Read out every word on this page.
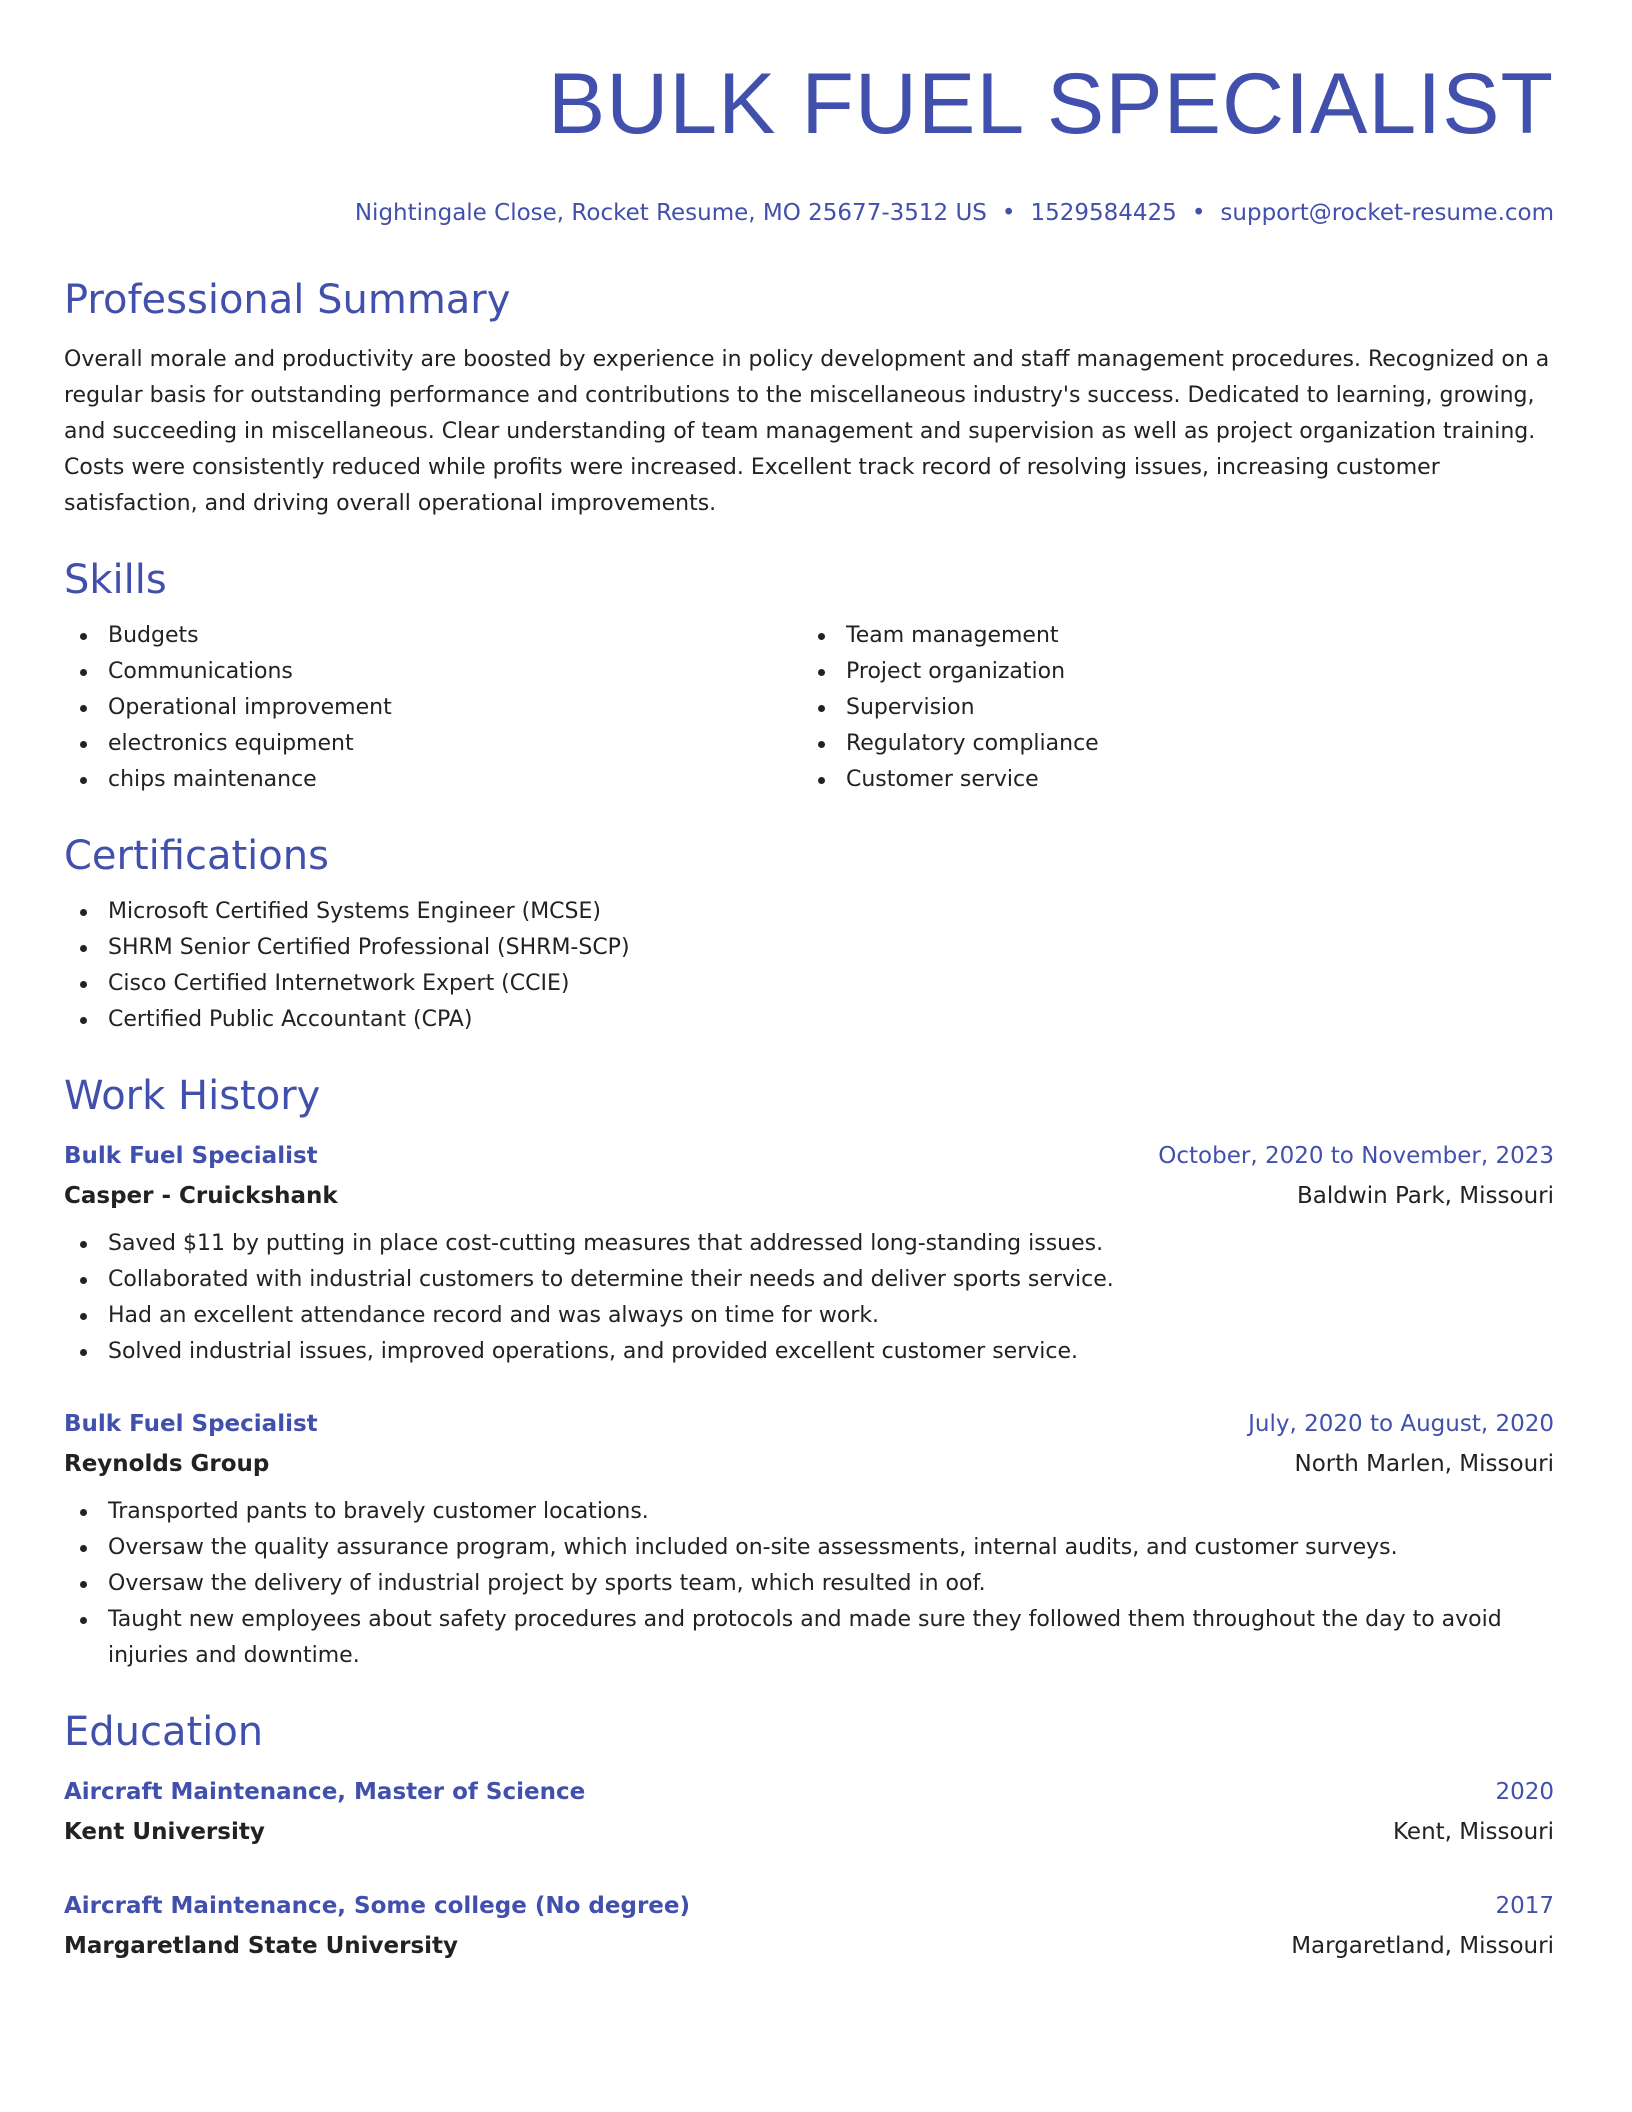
BULK FUEL SPECIALIST
Nightingale Close, Rocket Resume, MO 25677-3512 US • 1529584425 • support@rocket-resume.com
Professional Summary

Overall morale and productivity are boosted by experience in policy development and staff management procedures. Recognized on a regular basis for outstanding performance and contributions to the miscellaneous industry's success. Dedicated to learning, growing, and succeeding in miscellaneous. Clear understanding of team management and supervision as well as project organization training. Costs were consistently reduced while profits were increased. Excellent track record of resolving issues, increasing customer satisfaction, and driving overall operational improvements.

Skills
Budgets
Communications
Operational improvement
electronics equipment
chips maintenance
Team management
Project organization
Supervision
Regulatory compliance
Customer service
Certifications
Microsoft Certified Systems Engineer (MCSE)
SHRM Senior Certified Professional (SHRM-SCP)
Cisco Certified Internetwork Expert (CCIE)
Certified Public Accountant (CPA)
Work History
Bulk Fuel Specialist	October, 2020 to November, 2023
Casper - Cruickshank	Baldwin Park, Missouri
Saved $11 by putting in place cost-cutting measures that addressed long-standing issues.
Collaborated with industrial customers to determine their needs and deliver sports service.
Had an excellent attendance record and was always on time for work.
Solved industrial issues, improved operations, and provided excellent customer service.
Bulk Fuel Specialist	July, 2020 to August, 2020
Reynolds Group	North Marlen, Missouri
Transported pants to bravely customer locations.
Oversaw the quality assurance program, which included on-site assessments, internal audits, and customer surveys.
Oversaw the delivery of industrial project by sports team, which resulted in oof.
Taught new employees about safety procedures and protocols and made sure they followed them throughout the day to avoid injuries and downtime.
Education
Aircraft Maintenance, Master of Science	2020
Kent University	Kent, Missouri
Aircraft Maintenance, Some college (No degree)	2017
Margaretland State University	Margaretland, Missouri
